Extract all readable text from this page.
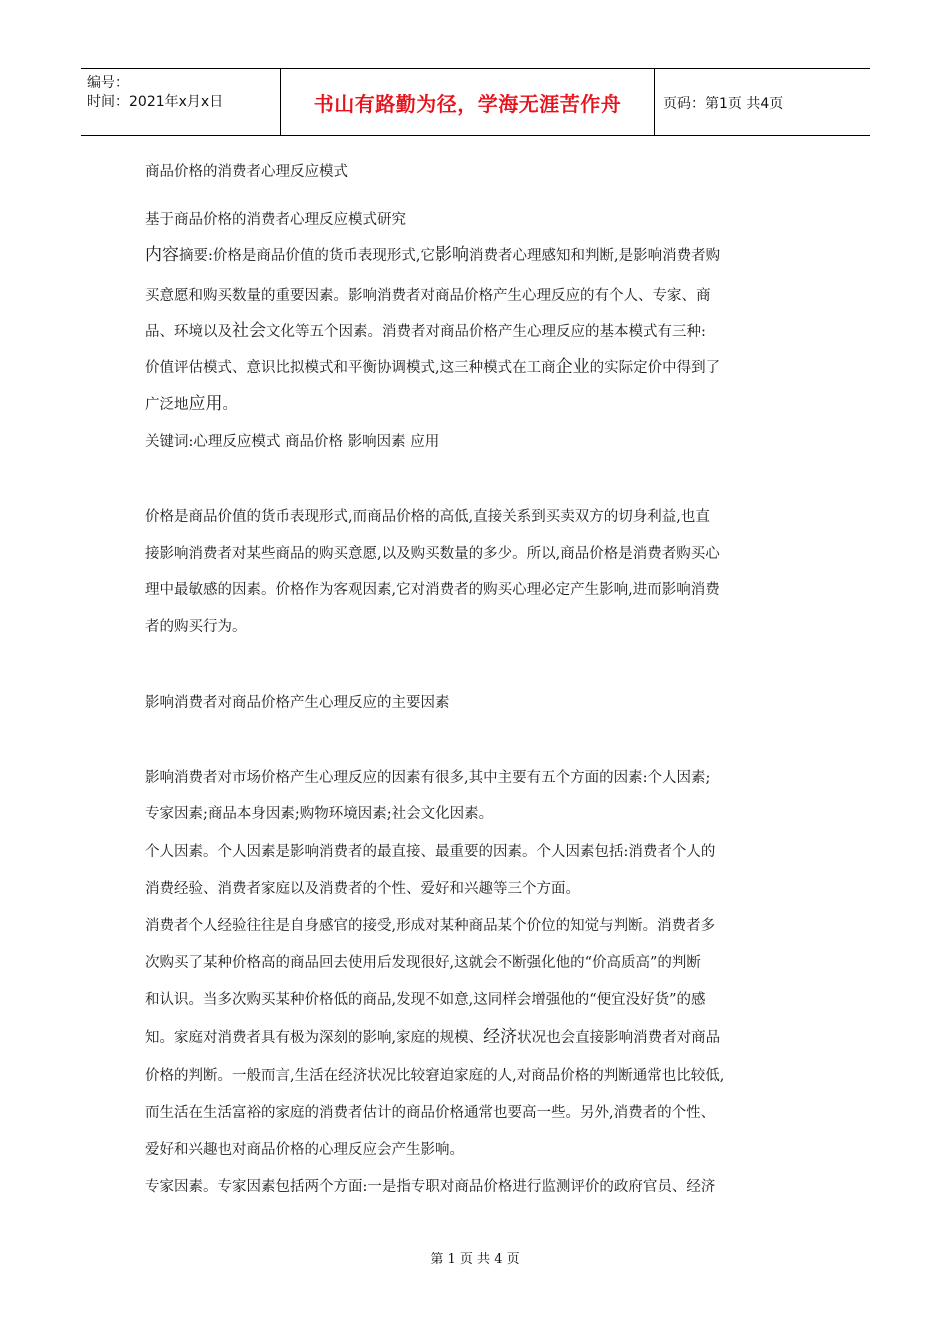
编号：
时间：2021年x月x日	书山有路勤为径，学海无涯苦作舟	页码：第1页 共4页
商品价格的消费者心理反应模式
基于商品价格的消费者心理反应模式研究
内容摘要:价格是商品价值的货币表现形式,它影响消费者心理感知和判断,是影响消费者购
买意愿和购买数量的重要因素。影响消费者对商品价格产生心理反应的有个人、专家、商
品、环境以及社会文化等五个因素。消费者对商品价格产生心理反应的基本模式有三种:
价值评估模式、意识比拟模式和平衡协调模式,这三种模式在工商企业的实际定价中得到了
广泛地应用。
关键词:心理反应模式 商品价格 影响因素 应用
价格是商品价值的货币表现形式,而商品价格的高低,直接关系到买卖双方的切身利益,也直
接影响消费者对某些商品的购买意愿,以及购买数量的多少。所以,商品价格是消费者购买心
理中最敏感的因素。价格作为客观因素,它对消费者的购买心理必定产生影响,进而影响消费
者的购买行为。
影响消费者对商品价格产生心理反应的主要因素
影响消费者对市场价格产生心理反应的因素有很多,其中主要有五个方面的因素:个人因素;
专家因素;商品本身因素;购物环境因素;社会文化因素。
个人因素。个人因素是影响消费者的最直接、最重要的因素。个人因素包括:消费者个人的
消费经验、消费者家庭以及消费者的个性、爱好和兴趣等三个方面。
消费者个人经验往往是自身感官的接受,形成对某种商品某个价位的知觉与判断。消费者多
次购买了某种价格高的商品回去使用后发现很好,这就会不断强化他的“价高质高”的判断
和认识。当多次购买某种价格低的商品,发现不如意,这同样会增强他的“便宜没好货”的感
知。家庭对消费者具有极为深刻的影响,家庭的规模、经济状况也会直接影响消费者对商品
价格的判断。一般而言,生活在经济状况比较窘迫家庭的人,对商品价格的判断通常也比较低,
而生活在生活富裕的家庭的消费者估计的商品价格通常也要高一些。另外,消费者的个性、
爱好和兴趣也对商品价格的心理反应会产生影响。
专家因素。专家因素包括两个方面:一是指专职对商品价格进行监测评价的政府官员、经济
第 1 页 共 4 页
